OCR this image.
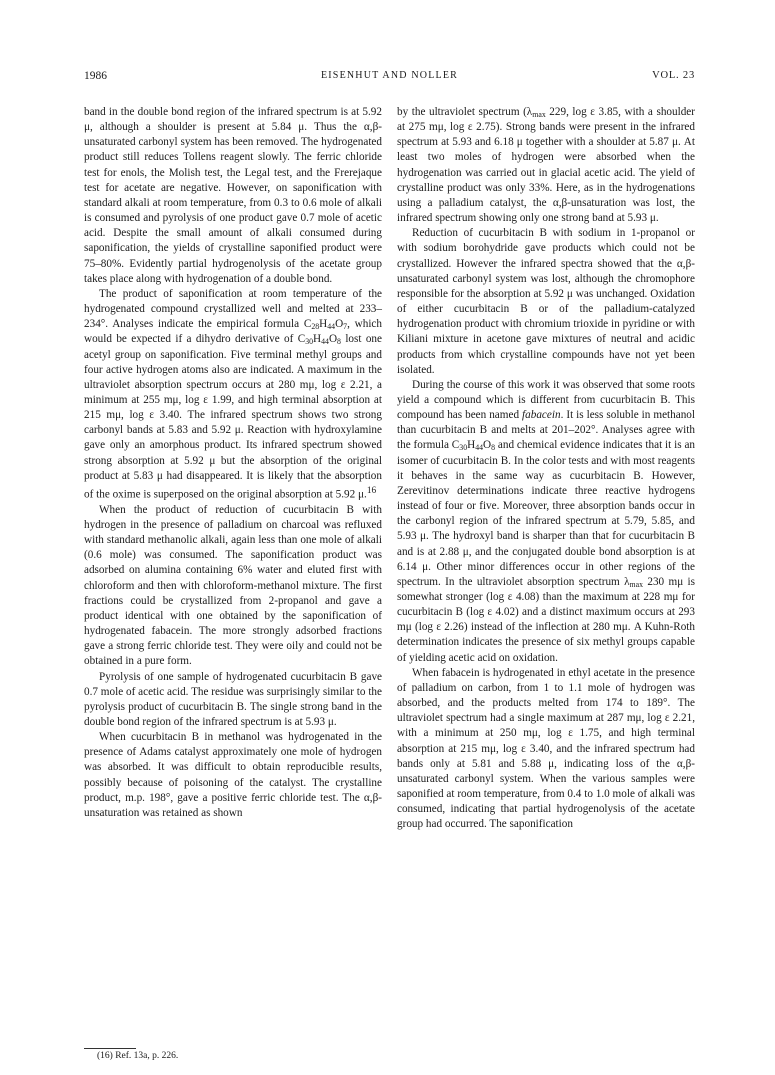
1986	EISENHUT AND NOLLER	VOL. 23

band in the double bond region of the infrared spectrum is at 5.92 μ, although a shoulder is present at 5.84 μ. Thus the α,β-unsaturated carbonyl system has been removed. The hydrogenated product still reduces Tollens reagent slowly. The ferric chloride test for enols, the Molish test, the Legal test, and the Frerejaque test for acetate are negative. However, on saponification with standard alkali at room temperature, from 0.3 to 0.6 mole of alkali is consumed and pyrolysis of one product gave 0.7 mole of acetic acid. Despite the small amount of alkali consumed during saponification, the yields of crystalline saponified product were 75–80%. Evidently partial hydrogenolysis of the acetate group takes place along with hydrogenation of a double bond.

The product of saponification at room temperature of the hydrogenated compound crystallized well and melted at 233–234°. Analyses indicate the empirical formula $C_{28}H_{44}O_7$, which would be expected if a dihydro derivative of $C_{30}H_{44}O_8$ lost one acetyl group on saponification. Five terminal methyl groups and four active hydrogen atoms also are indicated. A maximum in the ultraviolet absorption spectrum occurs at 280 mμ, log ε 2.21, a minimum at 255 mμ, log ε 1.99, and high terminal absorption at 215 mμ, log ε 3.40. The infrared spectrum shows two strong carbonyl bands at 5.83 and 5.92 μ. Reaction with hydroxylamine gave only an amorphous product. Its infrared spectrum showed strong absorption at 5.92 μ but the absorption of the original product at 5.83 μ had disappeared. It is likely that the absorption of the oxime is superposed on the original absorption at 5.92 μ.$^{16}$

When the product of reduction of cucurbitacin B with hydrogen in the presence of palladium on charcoal was refluxed with standard methanolic alkali, again less than one mole of alkali (0.6 mole) was consumed. The saponification product was adsorbed on alumina containing 6% water and eluted first with chloroform and then with chloroform-methanol mixture. The first fractions could be crystallized from 2-propanol and gave a product identical with one obtained by the saponification of hydrogenated fabacein. The more strongly adsorbed fractions gave a strong ferric chloride test. They were oily and could not be obtained in a pure form.

Pyrolysis of one sample of hydrogenated cucurbitacin B gave 0.7 mole of acetic acid. The residue was surprisingly similar to the pyrolysis product of cucurbitacin B. The single strong band in the double bond region of the infrared spectrum is at 5.93 μ.

When cucurbitacin B in methanol was hydrogenated in the presence of Adams catalyst approximately one mole of hydrogen was absorbed. It was difficult to obtain reproducible results, possibly because of poisoning of the catalyst. The crystalline product, m.p. 198°, gave a positive ferric chloride test. The α,β-unsaturation was retained as shown

by the ultraviolet spectrum ($\lambda_{max}$ 229, log ε 3.85, with a shoulder at 275 mμ, log ε 2.75). Strong bands were present in the infrared spectrum at 5.93 and 6.18 μ together with a shoulder at 5.87 μ. At least two moles of hydrogen were absorbed when the hydrogenation was carried out in glacial acetic acid. The yield of crystalline product was only 33%. Here, as in the hydrogenations using a palladium catalyst, the α,β-unsaturation was lost, the infrared spectrum showing only one strong band at 5.93 μ.

Reduction of cucurbitacin B with sodium in 1-propanol or with sodium borohydride gave products which could not be crystallized. However the infrared spectra showed that the α,β-unsaturated carbonyl system was lost, although the chromophore responsible for the absorption at 5.92 μ was unchanged. Oxidation of either cucurbitacin B or of the palladium-catalyzed hydrogenation product with chromium trioxide in pyridine or with Kiliani mixture in acetone gave mixtures of neutral and acidic products from which crystalline compounds have not yet been isolated.

During the course of this work it was observed that some roots yield a compound which is different from cucurbitacin B. This compound has been named fabacein. It is less soluble in methanol than cucurbitacin B and melts at 201–202°. Analyses agree with the formula $C_{30}H_{44}O_8$ and chemical evidence indicates that it is an isomer of cucurbitacin B. In the color tests and with most reagents it behaves in the same way as cucurbitacin B. However, Zerevitinov determinations indicate three reactive hydrogens instead of four or five. Moreover, three absorption bands occur in the carbonyl region of the infrared spectrum at 5.79, 5.85, and 5.93 μ. The hydroxyl band is sharper than that for cucurbitacin B and is at 2.88 μ, and the conjugated double bond absorption is at 6.14 μ. Other minor differences occur in other regions of the spectrum. In the ultraviolet absorption spectrum $\lambda_{max}$ 230 mμ is somewhat stronger (log ε 4.08) than the maximum at 228 mμ for cucurbitacin B (log ε 4.02) and a distinct maximum occurs at 293 mμ (log ε 2.26) instead of the inflection at 280 mμ. A Kuhn-Roth determination indicates the presence of six methyl groups capable of yielding acetic acid on oxidation.

When fabacein is hydrogenated in ethyl acetate in the presence of palladium on carbon, from 1 to 1.1 mole of hydrogen was absorbed, and the products melted from 174 to 189°. The ultraviolet spectrum had a single maximum at 287 mμ, log ε 2.21, with a minimum at 250 mμ, log ε 1.75, and high terminal absorption at 215 mμ, log ε 3.40, and the infrared spectrum had bands only at 5.81 and 5.88 μ, indicating loss of the α,β-unsaturated carbonyl system. When the various samples were saponified at room temperature, from 0.4 to 1.0 mole of alkali was consumed, indicating that partial hydrogenolysis of the acetate group had occurred. The saponification

(16) Ref. 13a, p. 226.
